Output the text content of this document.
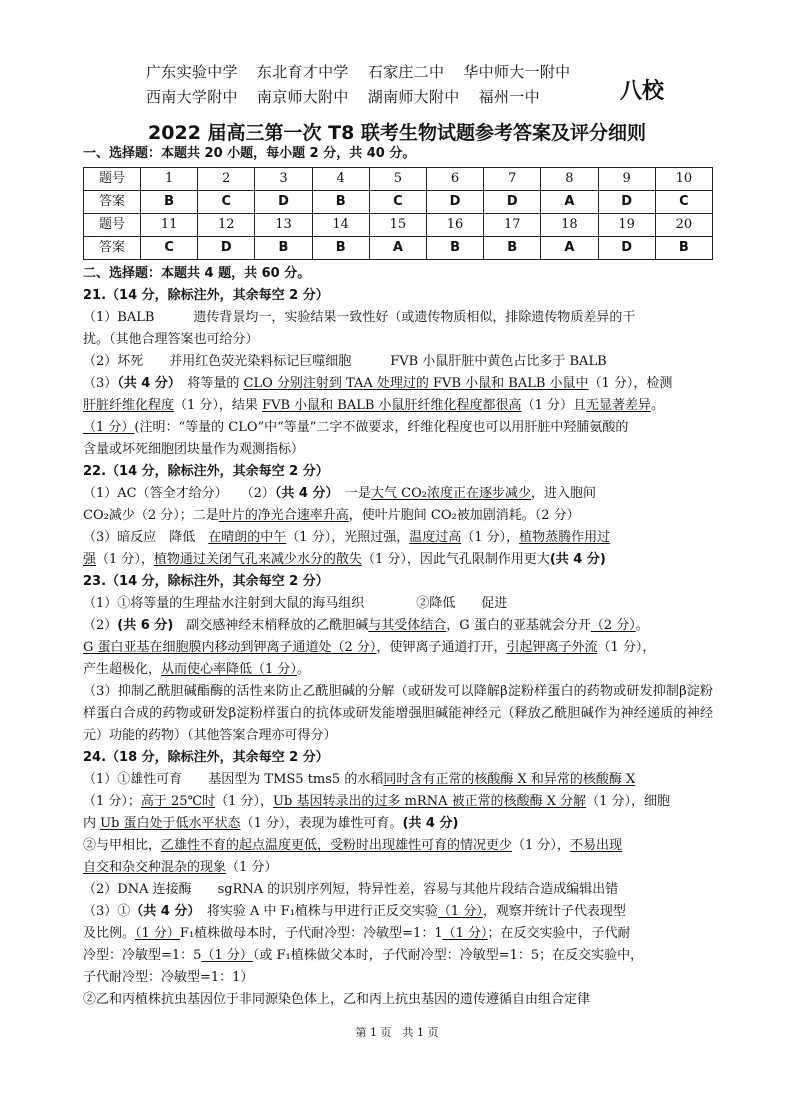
广东实验中学 东北育才中学 石家庄二中 华中师大一附中
西南大学附中 南京师大附中 湖南师大附中 福州一中	八校
2022 届高三第一次 T8 联考生物试题参考答案及评分细则
一、选择题：本题共 20 小题，每小题 2 分，共 40 分。
题号	1	2	3	4	5	6	7	8	9	10
答案	B	C	D	B	C	D	D	A	D	C
题号	11	12	13	14	15	16	17	18	19	20
答案	C	D	B	B	A	B	B	A	D	B
二、选择题：本题共 4 题，共 60 分。
21.（14 分，除标注外，其余每空 2 分）
（1）BALB　　　遗传背景均一，实验结果一致性好（或遗传物质相似，排除遗传物质差异的干
扰。（其他合理答案也可给分）
（2）坏死　　并用红色荧光染料标记巨噬细胞　　　FVB 小鼠肝脏中黄色占比多于 BALB
（3）（共 4 分）　将等量的 CLO 分别注射到 TAA 处理过的 FVB 小鼠和 BALB 小鼠中（1 分），检测
肝脏纤维化程度（1 分），结果 FVB 小鼠和 BALB 小鼠肝纤维化程度都很高（1 分）且无显著差异。
（1 分）(注明：“等量的 CLO”中“等量”二字不做要求，纤维化程度也可以用肝脏中羟脯氨酸的
含量或坏死细胞团块量作为观测指标）
22.（14 分，除标注外，其余每空 2 分）
（1）AC（答全才给分）　　（2）（共 4 分）　一是大气 CO₂浓度正在逐步减少，进入胞间
CO₂减少（2 分）；二是叶片的净光合速率升高，使叶片胞间 CO₂被加剧消耗。（2 分）
（3）暗反应　降低　在晴朗的中午（1 分），光照过强，温度过高（1 分），植物蒸腾作用过
强（1 分），植物通过关闭气孔来减少水分的散失（1 分），因此气孔限制作用更大(共 4 分)
23.（14 分，除标注外，其余每空 2 分）
（1）①将等量的生理盐水注射到大鼠的海马组织　　　　②降低　　促进
（2）(共 6 分)　副交感神经末梢释放的乙酰胆碱与其受体结合，G 蛋白的亚基就会分开（2 分）。
G 蛋白亚基在细胞膜内移动到钾离子通道处（2 分），使钾离子通道打开，引起钾离子外流（1 分），
产生超极化，从而使心率降低（1 分）。
（3）抑制乙酰胆碱酯酶的活性来防止乙酰胆碱的分解（或研发可以降解β淀粉样蛋白的药物或研发抑制β淀粉样蛋白合成的药物或研发β淀粉样蛋白的抗体或研发能增强胆碱能神经元（释放乙酰胆碱作为神经递质的神经元）功能的药物）（其他答案合理亦可得分）
24.（18 分，除标注外，其余每空 2 分）
（1）①雄性可育　　基因型为 TMS5 tms5 的水稻同时含有正常的核酸酶 X 和异常的核酸酶 X
（1 分）；高于 25℃时（1 分），Ub 基因转录出的过多 mRNA 被正常的核酸酶 X 分解（1 分），细胞
内 Ub 蛋白处于低水平状态（1 分），表现为雄性可育。(共 4 分)
②与甲相比，乙雄性不育的起点温度更低，受粉时出现雄性可育的情况更少（1 分），不易出现
自交和杂交种混杂的现象（1 分）
（2）DNA 连接酶　　sgRNA 的识别序列短，特异性差，容易与其他片段结合造成编辑出错
（3）①（共 4 分）　将实验 A 中 F₁植株与甲进行正反交实验（1 分），观察并统计子代表现型
及比例。（1 分）F₁植株做母本时，子代耐冷型：冷敏型=1：1（1 分）；在反交实验中，子代耐
冷型：冷敏型=1：5（1 分）（或 F₁植株做父本时，子代耐冷型：冷敏型=1：5；在反交实验中，
子代耐冷型：冷敏型=1：1）
②乙和丙植株抗虫基因位于非同源染色体上，乙和丙上抗虫基因的遗传遵循自由组合定律
第 1 页　共 1 页
